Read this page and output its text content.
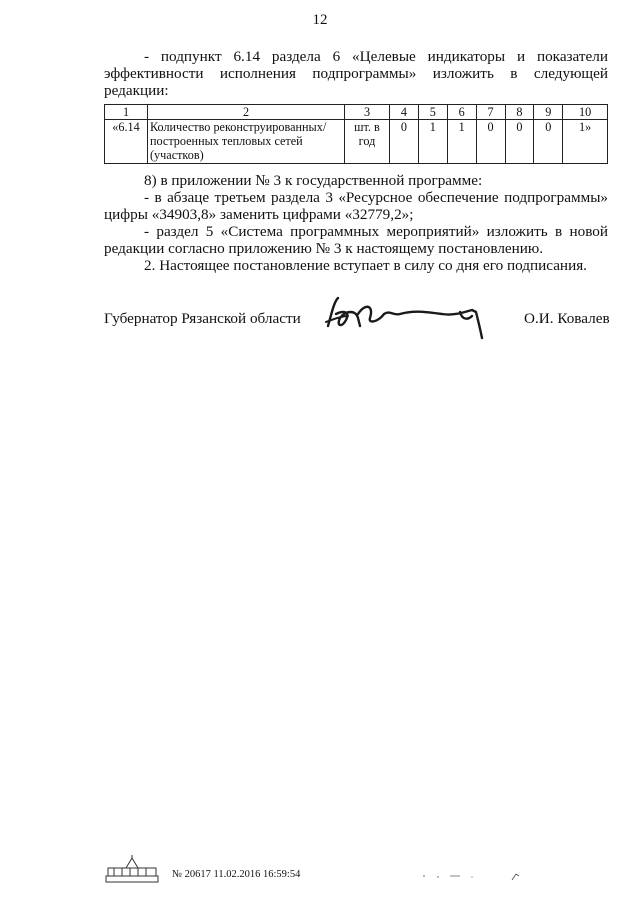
12
- подпункт 6.14 раздела 6 «Целевые индикаторы и показатели эффективности исполнения подпрограммы» изложить в следующей редакции:
1	2	3	4	5	6	7	8	9	10
«6.14	Количество реконструированных/ построенных тепловых сетей (участков)	шт. в год	0	1	1	0	0	0	1»
8) в приложении № 3 к государственной программе:
- в абзаце третьем раздела 3 «Ресурсное обеспечение подпрограммы» цифры «34903,8» заменить цифрами «32779,2»;
- раздел 5 «Система программных мероприятий» изложить в новой редакции согласно приложению № 3 к настоящему постановлению.
2. Настоящее постановление вступает в силу со дня его подписания.
Губернатор Рязанской области	О.И. Ковалев
№ 20617 11.02.2016 16:59:54
